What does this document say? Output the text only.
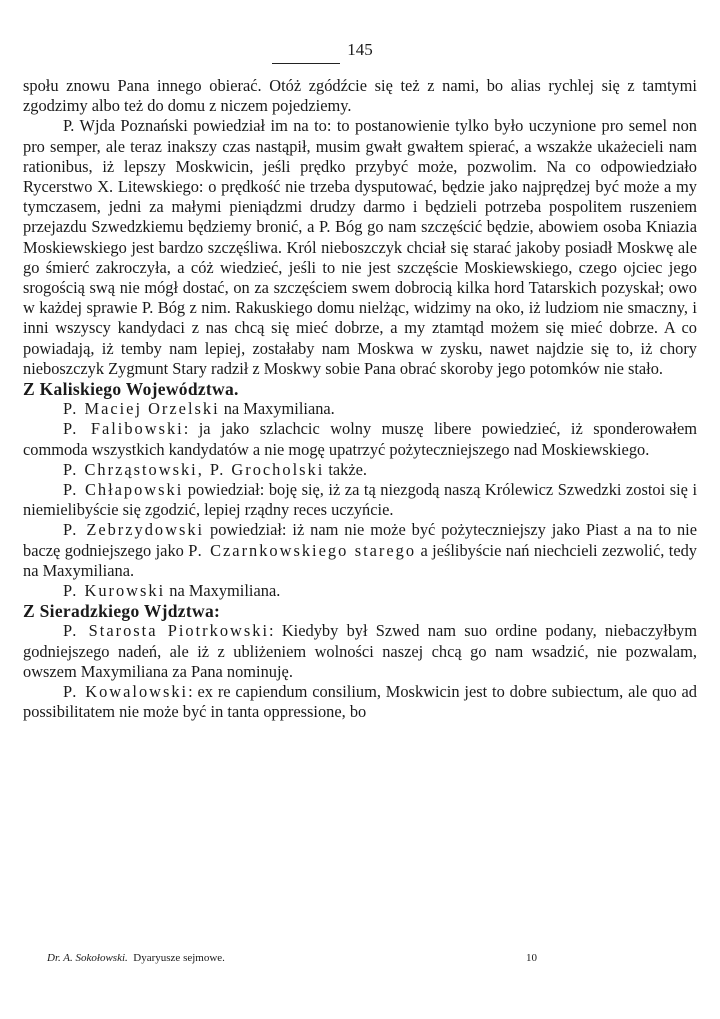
145

społu znowu Pana innego obierać. Otóż zgódźcie się też z nami, bo alias rychlej się z tamtymi zgodzimy albo też do domu z niczem pojedziemy.

P. Wjda Poznański powiedział im na to: to postanowienie tylko było uczynione pro semel non pro semper, ale teraz inakszy czas nastąpił, musim gwałt gwałtem spierać, a wszakże ukażecieli nam rationibus, iż lepszy Moskwicin, jeśli prędko przybyć może, pozwolim. Na co odpowiedziało Rycerstwo X. Litewskiego: o prędkość nie trzeba dysputować, będzie jako najprędzej być może a my tymczasem, jedni za małymi pieniądzmi drudzy darmo i będzieli potrzeba pospolitem ruszeniem przejazdu Szwedzkiemu będziemy bronić, a P. Bóg go nam szczęścić będzie, abowiem osoba Kniazia Moskiewskiego jest bardzo szczęśliwa. Król nieboszczyk chciał się starać jakoby posiadł Moskwę ale go śmierć zakroczyła, a cóż wiedzieć, jeśli to nie jest szczęście Moskiewskiego, czego ojciec jego srogością swą nie mógł dostać, on za szczęściem swem dobrocią kilka hord Tatarskich pozyskał; owo w każdej sprawie P. Bóg z nim. Rakuskiego domu nielżąc, widzimy na oko, iż ludziom nie smaczny, i inni wszyscy kandydaci z nas chcą się mieć dobrze, a my ztamtąd możem się mieć dobrze. A co powiadają, iż temby nam lepiej, zostałaby nam Moskwa w zysku, nawet najdzie się to, iż chory nieboszczyk Zygmunt Stary radził z Moskwy sobie Pana obrać skoroby jego potomków nie stało.

Z Kaliskiego Województwa.

P. Maciej Orzelski na Maxymiliana.

P. Falibowski: ja jako szlachcic wolny muszę libere powiedzieć, iż sponderowałem commoda wszystkich kandydatów a nie mogę upatrzyć pożyteczniejszego nad Moskiewskiego.

P. Chrząstowski, P. Grocholski także.

P. Chłapowski powiedział: boję się, iż za tą niezgodą naszą Królewicz Szwedzki zostoi się i niemieliby͏ście się zgodzić, lepiej rządny reces uczyńcie.

P. Zebrzydowski powiedział: iż nam nie może być pożyteczniejszy jako Piast a na to nie baczę godniejszego jako P. Czarnkowskiego starego a jeśliby͏ście nań niechcieli zezwolić, tedy na Maxymiliana.

P. Kurowski na Maxymiliana.

Z Sieradzkiego Wjdztwa:

P. Starosta Piotrkowski: Kiedyby był Szwed nam suo ordine podany, niebaczyłbym godniejszego nadeń, ale iż z ubliżeniem wolności naszej chcą go nam wsadzić, nie pozwalam, owszem Maxymiliana za Pana nominuję.

P. Kowalowski: ex re capiendum consilium, Moskwicin jest to dobre subiectum, ale quo ad possibilitatem nie może być in tanta oppressione, bo

Dr. A. Sokołowski. Dyaryusze sejmowe.	10
